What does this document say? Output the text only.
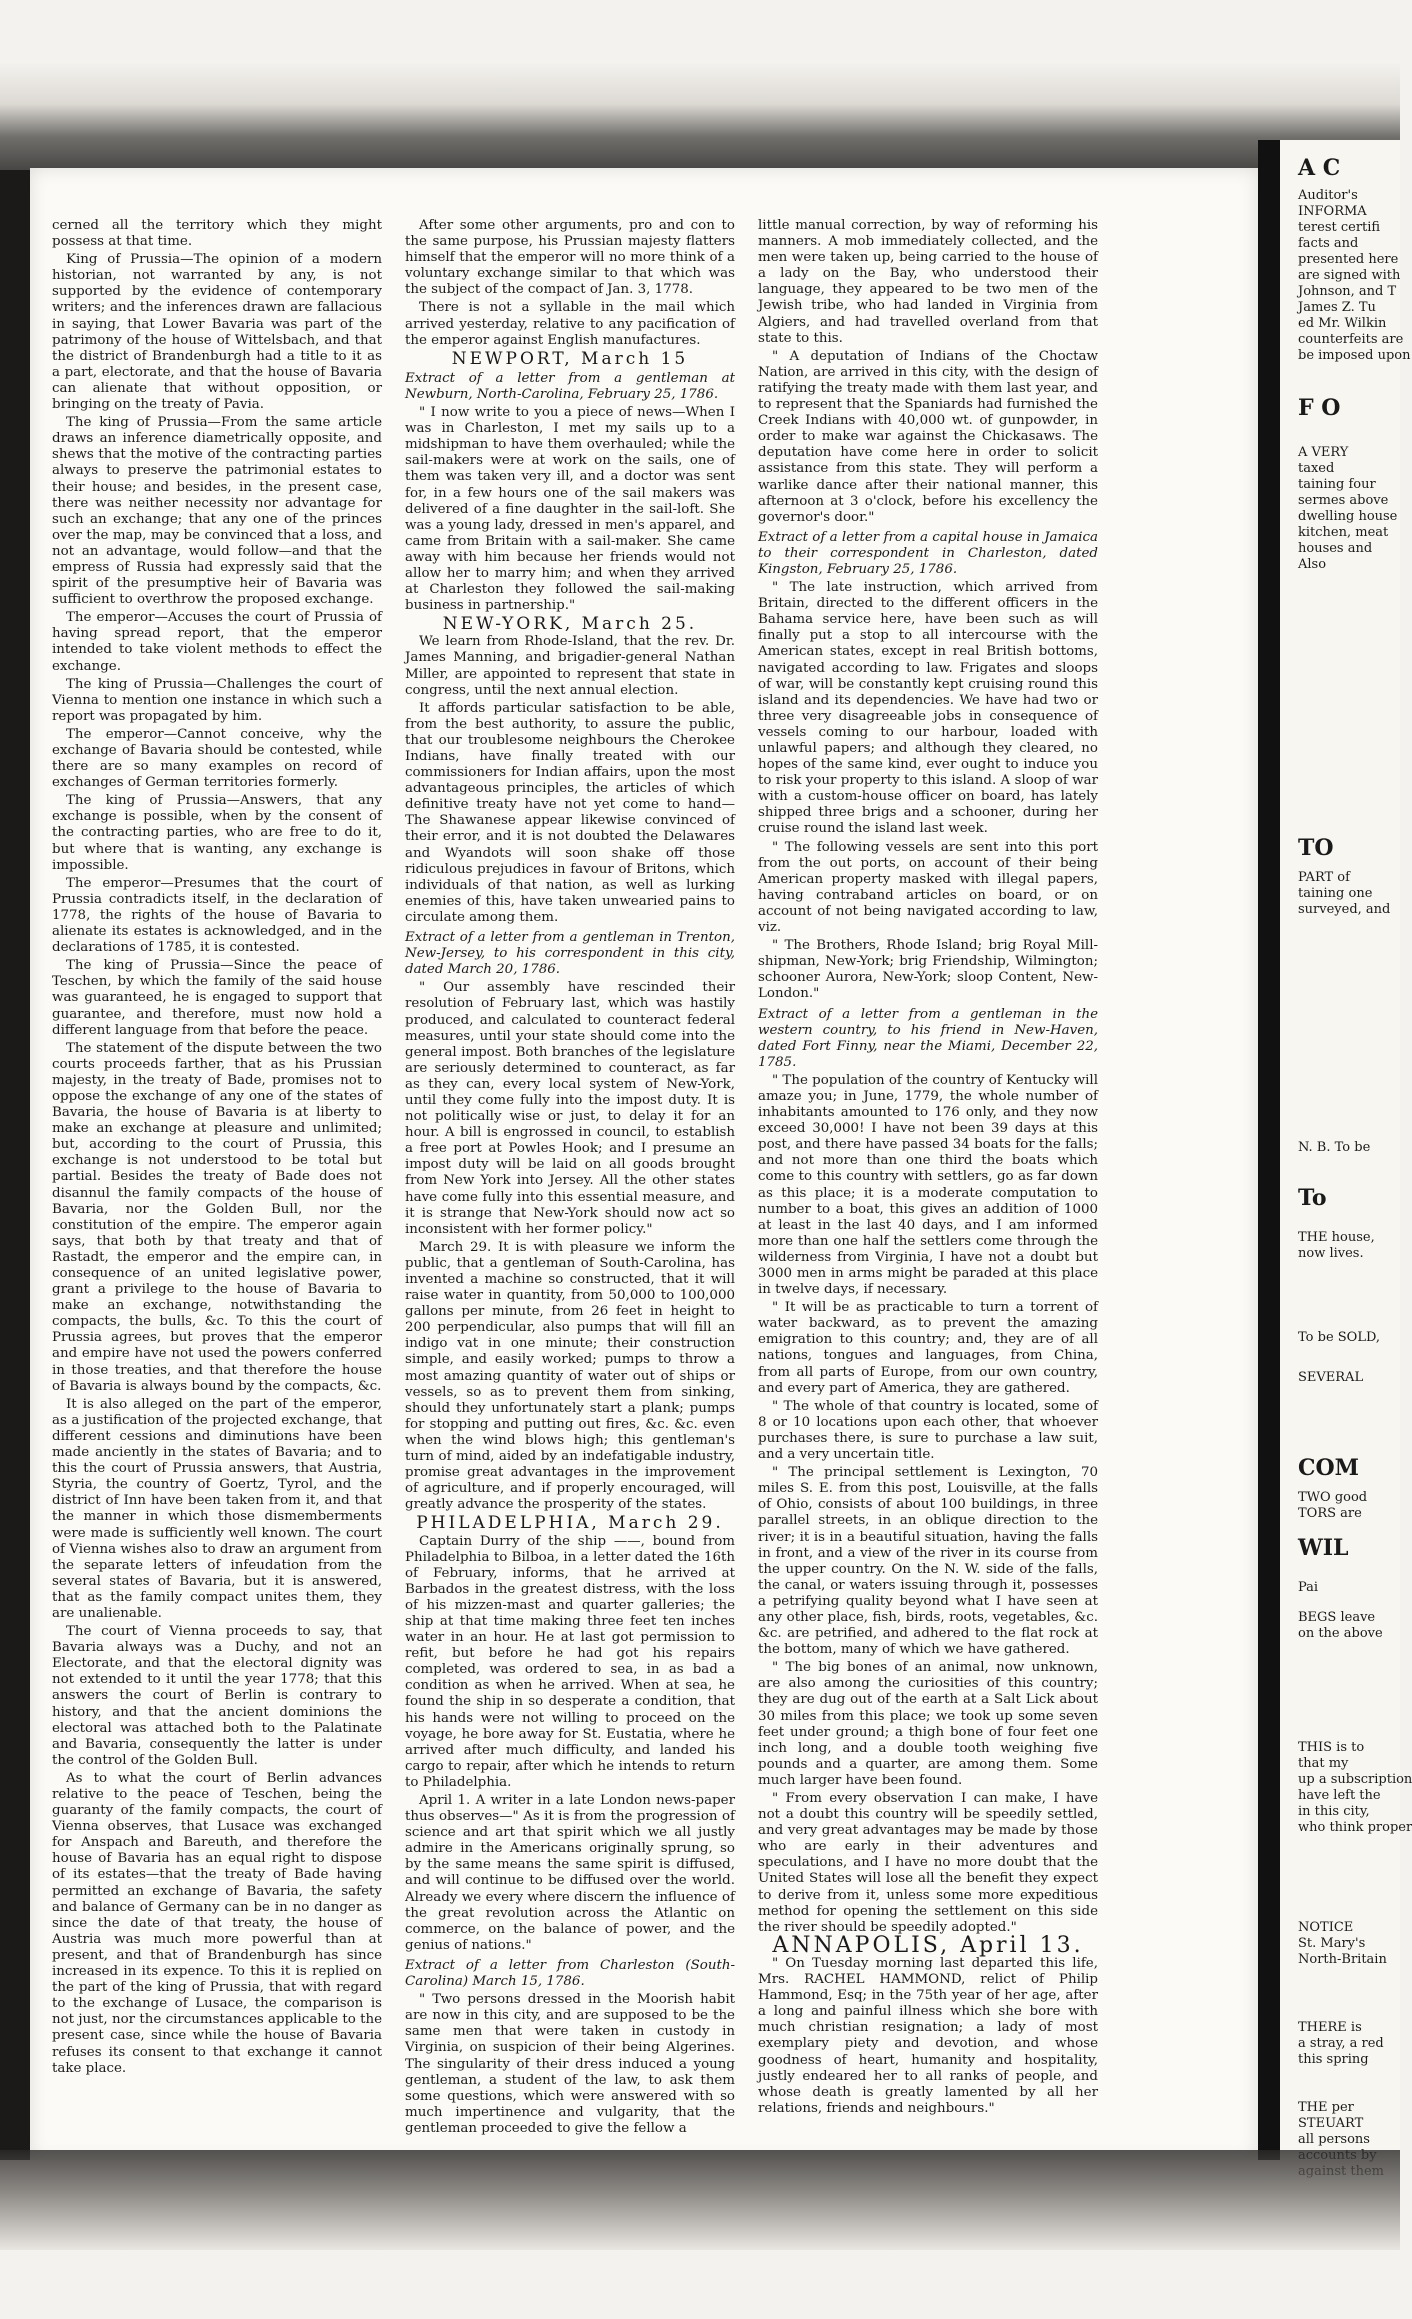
cerned all the territory which they might possess at that time.

King of Prussia—The opinion of a modern historian, not warranted by any, is not supported by the evidence of contemporary writers; and the inferences drawn are fallacious in saying, that Lower Bavaria was part of the patrimony of the house of Wittelsbach, and that the district of Brandenburgh had a title to it as a part, electorate, and that the house of Bavaria can alienate that without opposition, or bringing on the treaty of Pavia.

The king of Prussia—From the same article draws an inference diametrically opposite, and shews that the motive of the contracting parties always to preserve the patrimonial estates to their house; and besides, in the present case, there was neither necessity nor advantage for such an exchange; that any one of the princes over the map, may be convinced that a loss, and not an advantage, would follow—and that the empress of Russia had expressly said that the spirit of the presumptive heir of Bavaria was sufficient to overthrow the proposed exchange.

The emperor—Accuses the court of Prussia of having spread report, that the emperor intended to take violent methods to effect the exchange.

The king of Prussia—Challenges the court of Vienna to mention one instance in which such a report was propagated by him.

The emperor—Cannot conceive, why the exchange of Bavaria should be contested, while there are so many examples on record of exchanges of German territories formerly.

The king of Prussia—Answers, that any exchange is possible, when by the consent of the contracting parties, who are free to do it, but where that is wanting, any exchange is impossible.

The emperor—Presumes that the court of Prussia contradicts itself, in the declaration of 1778, the rights of the house of Bavaria to alienate its estates is acknowledged, and in the declarations of 1785, it is contested.

The king of Prussia—Since the peace of Teschen, by which the family of the said house was guaranteed, he is engaged to support that guarantee, and therefore, must now hold a different language from that before the peace.

The statement of the dispute between the two courts proceeds farther, that as his Prussian majesty, in the treaty of Bade, promises not to oppose the exchange of any one of the states of Bavaria, the house of Bavaria is at liberty to make an exchange at pleasure and unlimited; but, according to the court of Prussia, this exchange is not understood to be total but partial. Besides the treaty of Bade does not disannul the family compacts of the house of Bavaria, nor the Golden Bull, nor the constitution of the empire. The emperor again says, that both by that treaty and that of Rastadt, the emperor and the empire can, in consequence of an united legislative power, grant a privilege to the house of Bavaria to make an exchange, notwithstanding the compacts, the bulls, &c. To this the court of Prussia agrees, but proves that the emperor and empire have not used the powers conferred in those treaties, and that therefore the house of Bavaria is always bound by the compacts, &c.

It is also alleged on the part of the emperor, as a justification of the projected exchange, that different cessions and diminutions have been made anciently in the states of Bavaria; and to this the court of Prussia answers, that Austria, Styria, the country of Goertz, Tyrol, and the district of Inn have been taken from it, and that the manner in which those dismemberments were made is sufficiently well known. The court of Vienna wishes also to draw an argument from the separate letters of infeudation from the several states of Bavaria, but it is answered, that as the family compact unites them, they are unalienable.

The court of Vienna proceeds to say, that Bavaria always was a Duchy, and not an Electorate, and that the electoral dignity was not extended to it until the year 1778; that this answers the court of Berlin is contrary to history, and that the ancient dominions the electoral was attached both to the Palatinate and Bavaria, consequently the latter is under the control of the Golden Bull.

As to what the court of Berlin advances relative to the peace of Teschen, being the guaranty of the family compacts, the court of Vienna observes, that Lusace was exchanged for Anspach and Bareuth, and therefore the house of Bavaria has an equal right to dispose of its estates—that the treaty of Bade having permitted an exchange of Bavaria, the safety and balance of Germany can be in no danger as since the date of that treaty, the house of Austria was much more powerful than at present, and that of Brandenburgh has since increased in its expence. To this it is replied on the part of the king of Prussia, that with regard to the exchange of Lusace, the comparison is not just, nor the circumstances applicable to the present case, since while the house of Bavaria refuses its consent to that exchange it cannot take place.

After some other arguments, pro and con to the same purpose, his Prussian majesty flatters himself that the emperor will no more think of a voluntary exchange similar to that which was the subject of the compact of Jan. 3, 1778.

There is not a syllable in the mail which arrived yesterday, relative to any pacification of the emperor against English manufactures.

NEWPORT, March 15

Extract of a letter from a gentleman at Newburn, North-Carolina, February 25, 1786.

" I now write to you a piece of news—When I was in Charleston, I met my sails up to a midshipman to have them overhauled; while the sail-makers were at work on the sails, one of them was taken very ill, and a doctor was sent for, in a few hours one of the sail makers was delivered of a fine daughter in the sail-loft. She was a young lady, dressed in men's apparel, and came from Britain with a sail-maker. She came away with him because her friends would not allow her to marry him; and when they arrived at Charleston they followed the sail-making business in partnership."

NEW-YORK, March 25.

We learn from Rhode-Island, that the rev. Dr. James Manning, and brigadier-general Nathan Miller, are appointed to represent that state in congress, until the next annual election.

It affords particular satisfaction to be able, from the best authority, to assure the public, that our troublesome neighbours the Cherokee Indians, have finally treated with our commissioners for Indian affairs, upon the most advantageous principles, the articles of which definitive treaty have not yet come to hand—The Shawanese appear likewise convinced of their error, and it is not doubted the Delawares and Wyandots will soon shake off those ridiculous prejudices in favour of Britons, which individuals of that nation, as well as lurking enemies of this, have taken unwearied pains to circulate among them.

Extract of a letter from a gentleman in Trenton, New-Jersey, to his correspondent in this city, dated March 20, 1786.

" Our assembly have rescinded their resolution of February last, which was hastily produced, and calculated to counteract federal measures, until your state should come into the general impost. Both branches of the legislature are seriously determined to counteract, as far as they can, every local system of New-York, until they come fully into the impost duty. It is not politically wise or just, to delay it for an hour. A bill is engrossed in council, to establish a free port at Powles Hook; and I presume an impost duty will be laid on all goods brought from New York into Jersey. All the other states have come fully into this essential measure, and it is strange that New-York should now act so inconsistent with her former policy."

March 29. It is with pleasure we inform the public, that a gentleman of South-Carolina, has invented a machine so constructed, that it will raise water in quantity, from 50,000 to 100,000 gallons per minute, from 26 feet in height to 200 perpendicular, also pumps that will fill an indigo vat in one minute; their construction simple, and easily worked; pumps to throw a most amazing quantity of water out of ships or vessels, so as to prevent them from sinking, should they unfortunately start a plank; pumps for stopping and putting out fires, &c. &c. even when the wind blows high; this gentleman's turn of mind, aided by an indefatigable industry, promise great advantages in the improvement of agriculture, and if properly encouraged, will greatly advance the prosperity of the states.

PHILADELPHIA, March 29.

Captain Durry of the ship ——, bound from Philadelphia to Bilboa, in a letter dated the 16th of February, informs, that he arrived at Barbados in the greatest distress, with the loss of his mizzen-mast and quarter galleries; the ship at that time making three feet ten inches water in an hour. He at last got permission to refit, but before he had got his repairs completed, was ordered to sea, in as bad a condition as when he arrived. When at sea, he found the ship in so desperate a condition, that his hands were not willing to proceed on the voyage, he bore away for St. Eustatia, where he arrived after much difficulty, and landed his cargo to repair, after which he intends to return to Philadelphia.

April 1. A writer in a late London news-paper thus observes—" As it is from the progression of science and art that spirit which we all justly admire in the Americans originally sprung, so by the same means the same spirit is diffused, and will continue to be diffused over the world. Already we every where discern the influence of the great revolution across the Atlantic on commerce, on the balance of power, and the genius of nations."

Extract of a letter from Charleston (South-Carolina) March 15, 1786.

" Two persons dressed in the Moorish habit are now in this city, and are supposed to be the same men that were taken in custody in Virginia, on suspicion of their being Algerines. The singularity of their dress induced a young gentleman, a student of the law, to ask them some questions, which were answered with so much impertinence and vulgarity, that the gentleman proceeded to give the fellow a

little manual correction, by way of reforming his manners. A mob immediately collected, and the men were taken up, being carried to the house of a lady on the Bay, who understood their language, they appeared to be two men of the Jewish tribe, who had landed in Virginia from Algiers, and had travelled overland from that state to this.

" A deputation of Indians of the Choctaw Nation, are arrived in this city, with the design of ratifying the treaty made with them last year, and to represent that the Spaniards had furnished the Creek Indians with 40,000 wt. of gunpowder, in order to make war against the Chickasaws. The deputation have come here in order to solicit assistance from this state. They will perform a warlike dance after their national manner, this afternoon at 3 o'clock, before his excellency the governor's door."

Extract of a letter from a capital house in Jamaica to their correspondent in Charleston, dated Kingston, February 25, 1786.

" The late instruction, which arrived from Britain, directed to the different officers in the Bahama service here, have been such as will finally put a stop to all intercourse with the American states, except in real British bottoms, navigated according to law. Frigates and sloops of war, will be constantly kept cruising round this island and its dependencies. We have had two or three very disagreeable jobs in consequence of vessels coming to our harbour, loaded with unlawful papers; and although they cleared, no hopes of the same kind, ever ought to induce you to risk your property to this island. A sloop of war with a custom-house officer on board, has lately shipped three brigs and a schooner, during her cruise round the island last week.

" The following vessels are sent into this port from the out ports, on account of their being American property masked with illegal papers, having contraband articles on board, or on account of not being navigated according to law, viz.

" The Brothers, Rhode Island; brig Royal Mill-shipman, New-York; brig Friendship, Wilmington; schooner Aurora, New-York; sloop Content, New-London."

Extract of a letter from a gentleman in the western country, to his friend in New-Haven, dated Fort Finny, near the Miami, December 22, 1785.

" The population of the country of Kentucky will amaze you; in June, 1779, the whole number of inhabitants amounted to 176 only, and they now exceed 30,000! I have not been 39 days at this post, and there have passed 34 boats for the falls; and not more than one third the boats which come to this country with settlers, go as far down as this place; it is a moderate computation to number to a boat, this gives an addition of 1000 at least in the last 40 days, and I am informed more than one half the settlers come through the wilderness from Virginia, I have not a doubt but 3000 men in arms might be paraded at this place in twelve days, if necessary.

" It will be as practicable to turn a torrent of water backward, as to prevent the amazing emigration to this country; and, they are of all nations, tongues and languages, from China, from all parts of Europe, from our own country, and every part of America, they are gathered.

" The whole of that country is located, some of 8 or 10 locations upon each other, that whoever purchases there, is sure to purchase a law suit, and a very uncertain title.

" The principal settlement is Lexington, 70 miles S. E. from this post, Louisville, at the falls of Ohio, consists of about 100 buildings, in three parallel streets, in an oblique direction to the river; it is in a beautiful situation, having the falls in front, and a view of the river in its course from the upper country. On the N. W. side of the falls, the canal, or waters issuing through it, possesses a petrifying quality beyond what I have seen at any other place, fish, birds, roots, vegetables, &c. &c. are petrified, and adhered to the flat rock at the bottom, many of which we have gathered.

" The big bones of an animal, now unknown, are also among the curiosities of this country; they are dug out of the earth at a Salt Lick about 30 miles from this place; we took up some seven feet under ground; a thigh bone of four feet one inch long, and a double tooth weighing five pounds and a quarter, are among them. Some much larger have been found.

" From every observation I can make, I have not a doubt this country will be speedily settled, and very great advantages may be made by those who are early in their adventures and speculations, and I have no more doubt that the United States will lose all the benefit they expect to derive from it, unless some more expeditious method for opening the settlement on this side the river should be speedily adopted."

ANNAPOLIS, April 13.

" On Tuesday morning last departed this life, Mrs. RACHEL HAMMOND, relict of Philip Hammond, Esq; in the 75th year of her age, after a long and painful illness which she bore with much christian resignation; a lady of most exemplary piety and devotion, and whose goodness of heart, humanity and hospitality, justly endeared her to all ranks of people, and whose death is greatly lamented by all her relations, friends and neighbours."

A C
Auditor's
INFORMA
terest certifi
facts and
presented here
are signed with
Johnson, and T
James Z. Tu
ed Mr. Wilkin
counterfeits are
be imposed upon
F O
A VERY
taxed
taining four
sermes above
dwelling house
kitchen, meat
houses and
Also
TO
PART of
taining one
surveyed, and
N. B. To be
To
THE house,
now lives.
To be SOLD,
SEVERAL
COM
TWO good
TORS are
WIL
Pai
BEGS leave
on the above
THIS is to
that my
up a subscription
have left the
in this city,
who think proper
NOTICE
St. Mary's
North-Britain
THERE is
a stray, a red
this spring
THE per
STEUART
all persons
